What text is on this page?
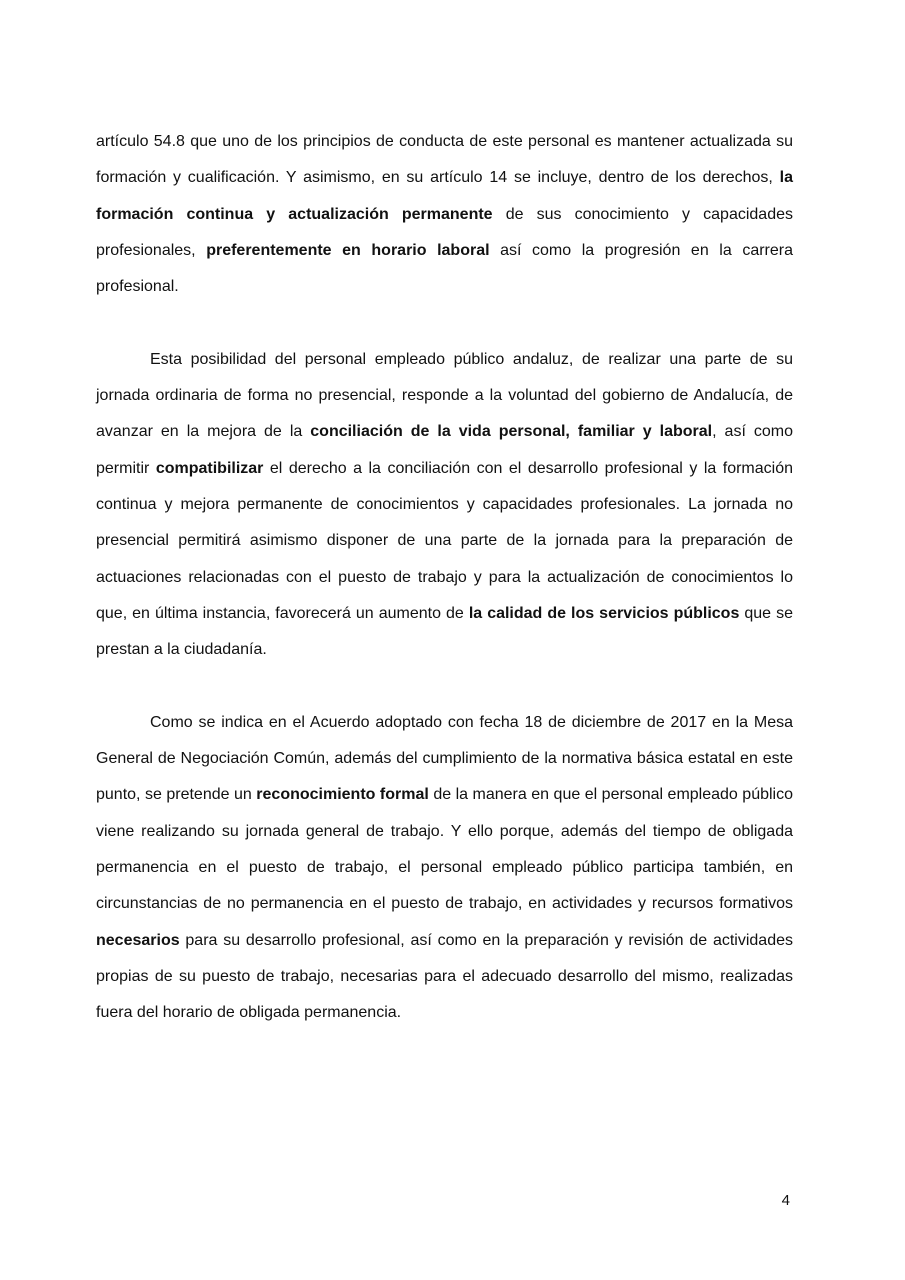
artículo 54.8 que uno de los principios de conducta de este personal es mantener actualizada su formación y cualificación. Y asimismo, en su artículo 14 se incluye, dentro de los derechos, la formación continua y actualización permanente de sus conocimiento y capacidades profesionales, preferentemente en horario laboral así como la progresión en la carrera profesional.

Esta posibilidad del personal empleado público andaluz, de realizar una parte de su jornada ordinaria de forma no presencial, responde a la voluntad del gobierno de Andalucía, de avanzar en la mejora de la conciliación de la vida personal, familiar y laboral, así como permitir compatibilizar el derecho a la conciliación con el desarrollo profesional y la formación continua y mejora permanente de conocimientos y capacidades profesionales. La jornada no presencial permitirá asimismo disponer de una parte de la jornada para la preparación de actuaciones relacionadas con el puesto de trabajo y para la actualización de conocimientos lo que, en última instancia, favorecerá un aumento de la calidad de los servicios públicos que se prestan a la ciudadanía.

Como se indica en el Acuerdo adoptado con fecha 18 de diciembre de 2017 en la Mesa General de Negociación Común, además del cumplimiento de la normativa básica estatal en este punto, se pretende un reconocimiento formal de la manera en que el personal empleado público viene realizando su jornada general de trabajo. Y ello porque, además del tiempo de obligada permanencia en el puesto de trabajo, el personal empleado público participa también, en circunstancias de no permanencia en el puesto de trabajo, en actividades y recursos formativos necesarios para su desarrollo profesional, así como en la preparación y revisión de actividades propias de su puesto de trabajo, necesarias para el adecuado desarrollo del mismo, realizadas fuera del horario de obligada permanencia.

4
